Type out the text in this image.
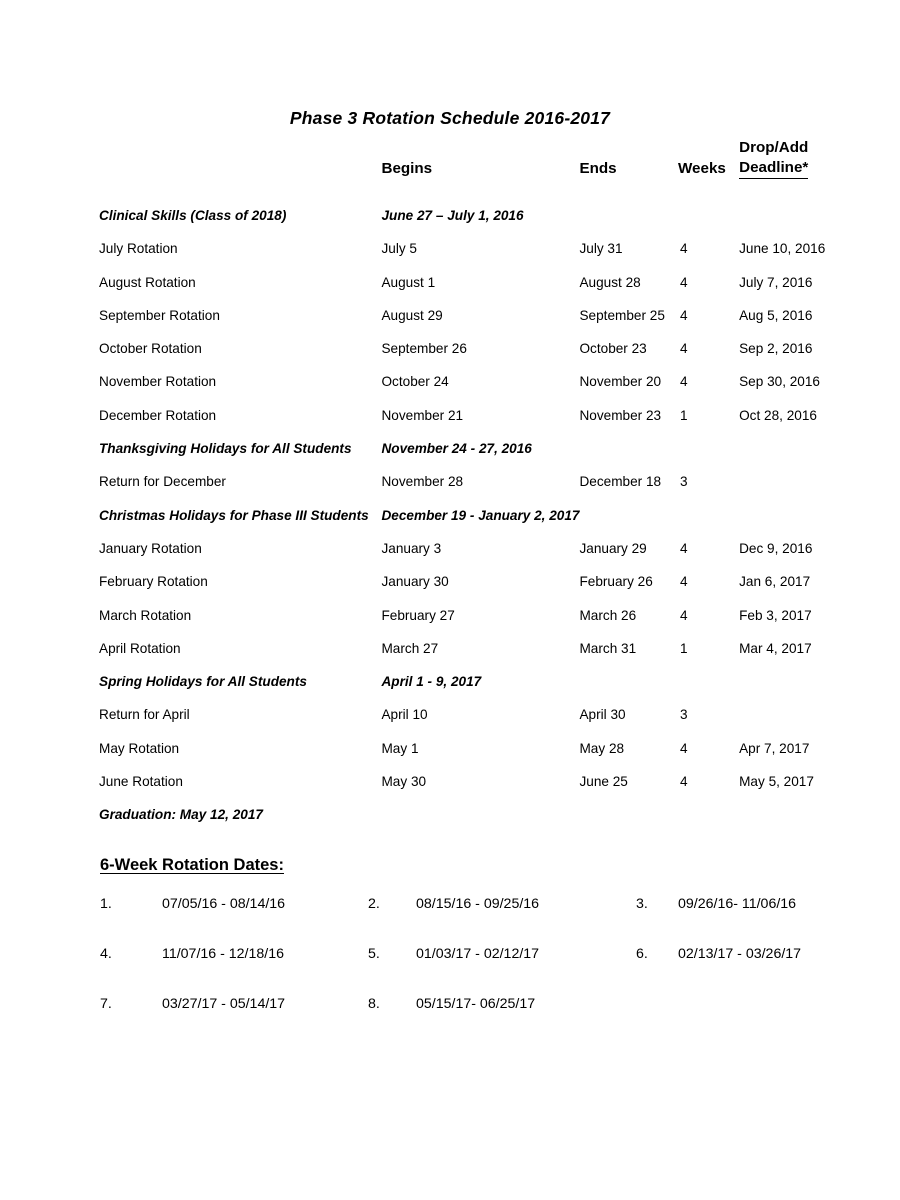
Phase 3 Rotation Schedule 2016-2017
	Begins	Ends	Weeks	Drop/Add
Deadline*

Clinical Skills (Class of 2018)	June 27 – July 1, 2016			
July Rotation	July 5	July 31	4	June 10, 2016
August Rotation	August 1	August 28	4	July 7, 2016
September Rotation	August 29	September 25	4	Aug 5, 2016
October Rotation	September 26	October 23	4	Sep 2, 2016
November Rotation	October 24	November 20	4	Sep 30, 2016
December Rotation	November 21	November 23	1	Oct 28, 2016
Thanksgiving Holidays for All Students	November 24 - 27, 2016			
Return for December	November 28	December 18	3	
Christmas Holidays for Phase III Students	December 19 - January 2, 2017			
January Rotation	January 3	January 29	4	Dec 9, 2016
February Rotation	January 30	February 26	4	Jan 6, 2017
March Rotation	February 27	March 26	4	Feb 3, 2017
April Rotation	March 27	March 31	1	Mar 4, 2017
Spring Holidays for All Students	April 1 - 9, 2017			
Return for April	April 10	April 30	3	
May Rotation	May 1	May 28	4	Apr 7, 2017
June Rotation	May 30	June 25	4	May 5, 2017
Graduation: May 12, 2017				
6-Week Rotation Dates:
1.	07/05/16 - 08/14/16	2.	08/15/16 - 09/25/16	3.	09/26/16- 11/06/16
4.	11/07/16 - 12/18/16	5.	01/03/17 - 02/12/17	6.	02/13/17 - 03/26/17
7.	03/27/17 - 05/14/17	8.	05/15/17- 06/25/17
